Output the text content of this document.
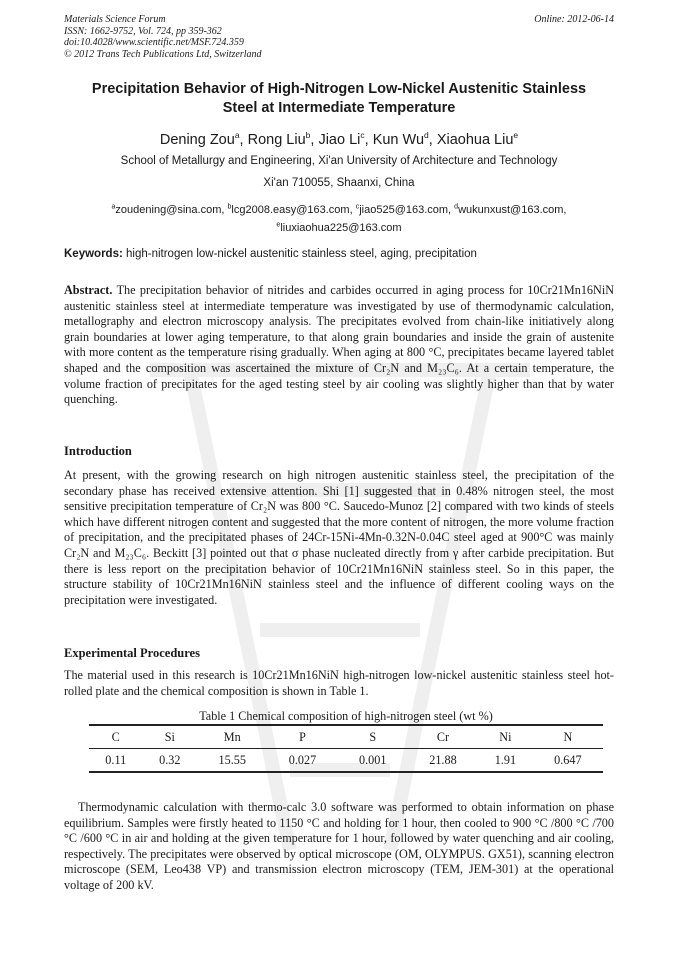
Materials Science Forum
ISSN: 1662-9752, Vol. 724, pp 359-362
doi:10.4028/www.scientific.net/MSF.724.359
© 2012 Trans Tech Publications Ltd, Switzerland
Online: 2012-06-14
Precipitation Behavior of High-Nitrogen Low-Nickel Austenitic Stainless
Steel at Intermediate Temperature
Dening Zou$^a$, Rong Liu$^b$, Jiao Li$^c$, Kun Wu$^d$, Xiaohua Liu$^e$
School of Metallurgy and Engineering, Xi'an University of Architecture and Technology
Xi'an 710055, Shaanxi, China
$^a$zoudening@sina.com, $^b$lcg2008.easy@163.com, $^c$jiao525@163.com, $^d$wukunxust@163.com,
$^e$liuxiaohua225@163.com
Keywords: high-nitrogen low-nickel austenitic stainless steel, aging, precipitation
Abstract. The precipitation behavior of nitrides and carbides occurred in aging process for 10Cr21Mn16NiN austenitic stainless steel at intermediate temperature was investigated by use of thermodynamic calculation, metallography and electron microscopy analysis. The precipitates evolved from chain-like initiatively along grain boundaries at lower aging temperature, to that along grain boundaries and inside the grain of austenite with more content as the temperature rising gradually. When aging at 800 °C, precipitates became layered tablet shaped and the composition was ascertained the mixture of Cr₂N and M₂₃C₆. At a certain temperature, the volume fraction of precipitates for the aged testing steel by air cooling was slightly higher than that by water quenching.
Introduction
At present, with the growing research on high nitrogen austenitic stainless steel, the precipitation of the secondary phase has received extensive attention. Shi [1] suggested that in 0.48% nitrogen steel, the most sensitive precipitation temperature of Cr₂N was 800 °C. Saucedo-Munoz [2] compared with two kinds of steels which have different nitrogen content and suggested that the more content of nitrogen, the more volume fraction of precipitation, and the precipitated phases of 24Cr-15Ni-4Mn-0.32N-0.04C steel aged at 900°C was mainly Cr₂N and M₂₃C₆. Beckitt [3] pointed out that σ phase nucleated directly from γ after carbide precipitation. But there is less report on the precipitation behavior of 10Cr21Mn16NiN stainless steel. So in this paper, the structure stability of 10Cr21Mn16NiN stainless steel and the influence of different cooling ways on the precipitation were investigated.
Experimental Procedures
The material used in this research is 10Cr21Mn16NiN high-nitrogen low-nickel austenitic stainless steel hot-rolled plate and the chemical composition is shown in Table 1.
Table 1 Chemical composition of high-nitrogen steel (wt %)
C	Si	Mn	P	S	Cr	Ni	N
0.11	0.32	15.55	0.027	0.001	21.88	1.91	0.647
Thermodynamic calculation with thermo-calc 3.0 software was performed to obtain information on phase equilibrium. Samples were firstly heated to 1150 °C and holding for 1 hour, then cooled to 900 °C /800 °C /700 °C /600 °C in air and holding at the given temperature for 1 hour, followed by water quenching and air cooling, respectively. The precipitates were observed by optical microscope (OM, OLYMPUS. GX51), scanning electron microscope (SEM, Leo438 VP) and transmission electron microscopy (TEM, JEM-301) at the operational voltage of 200 kV.
